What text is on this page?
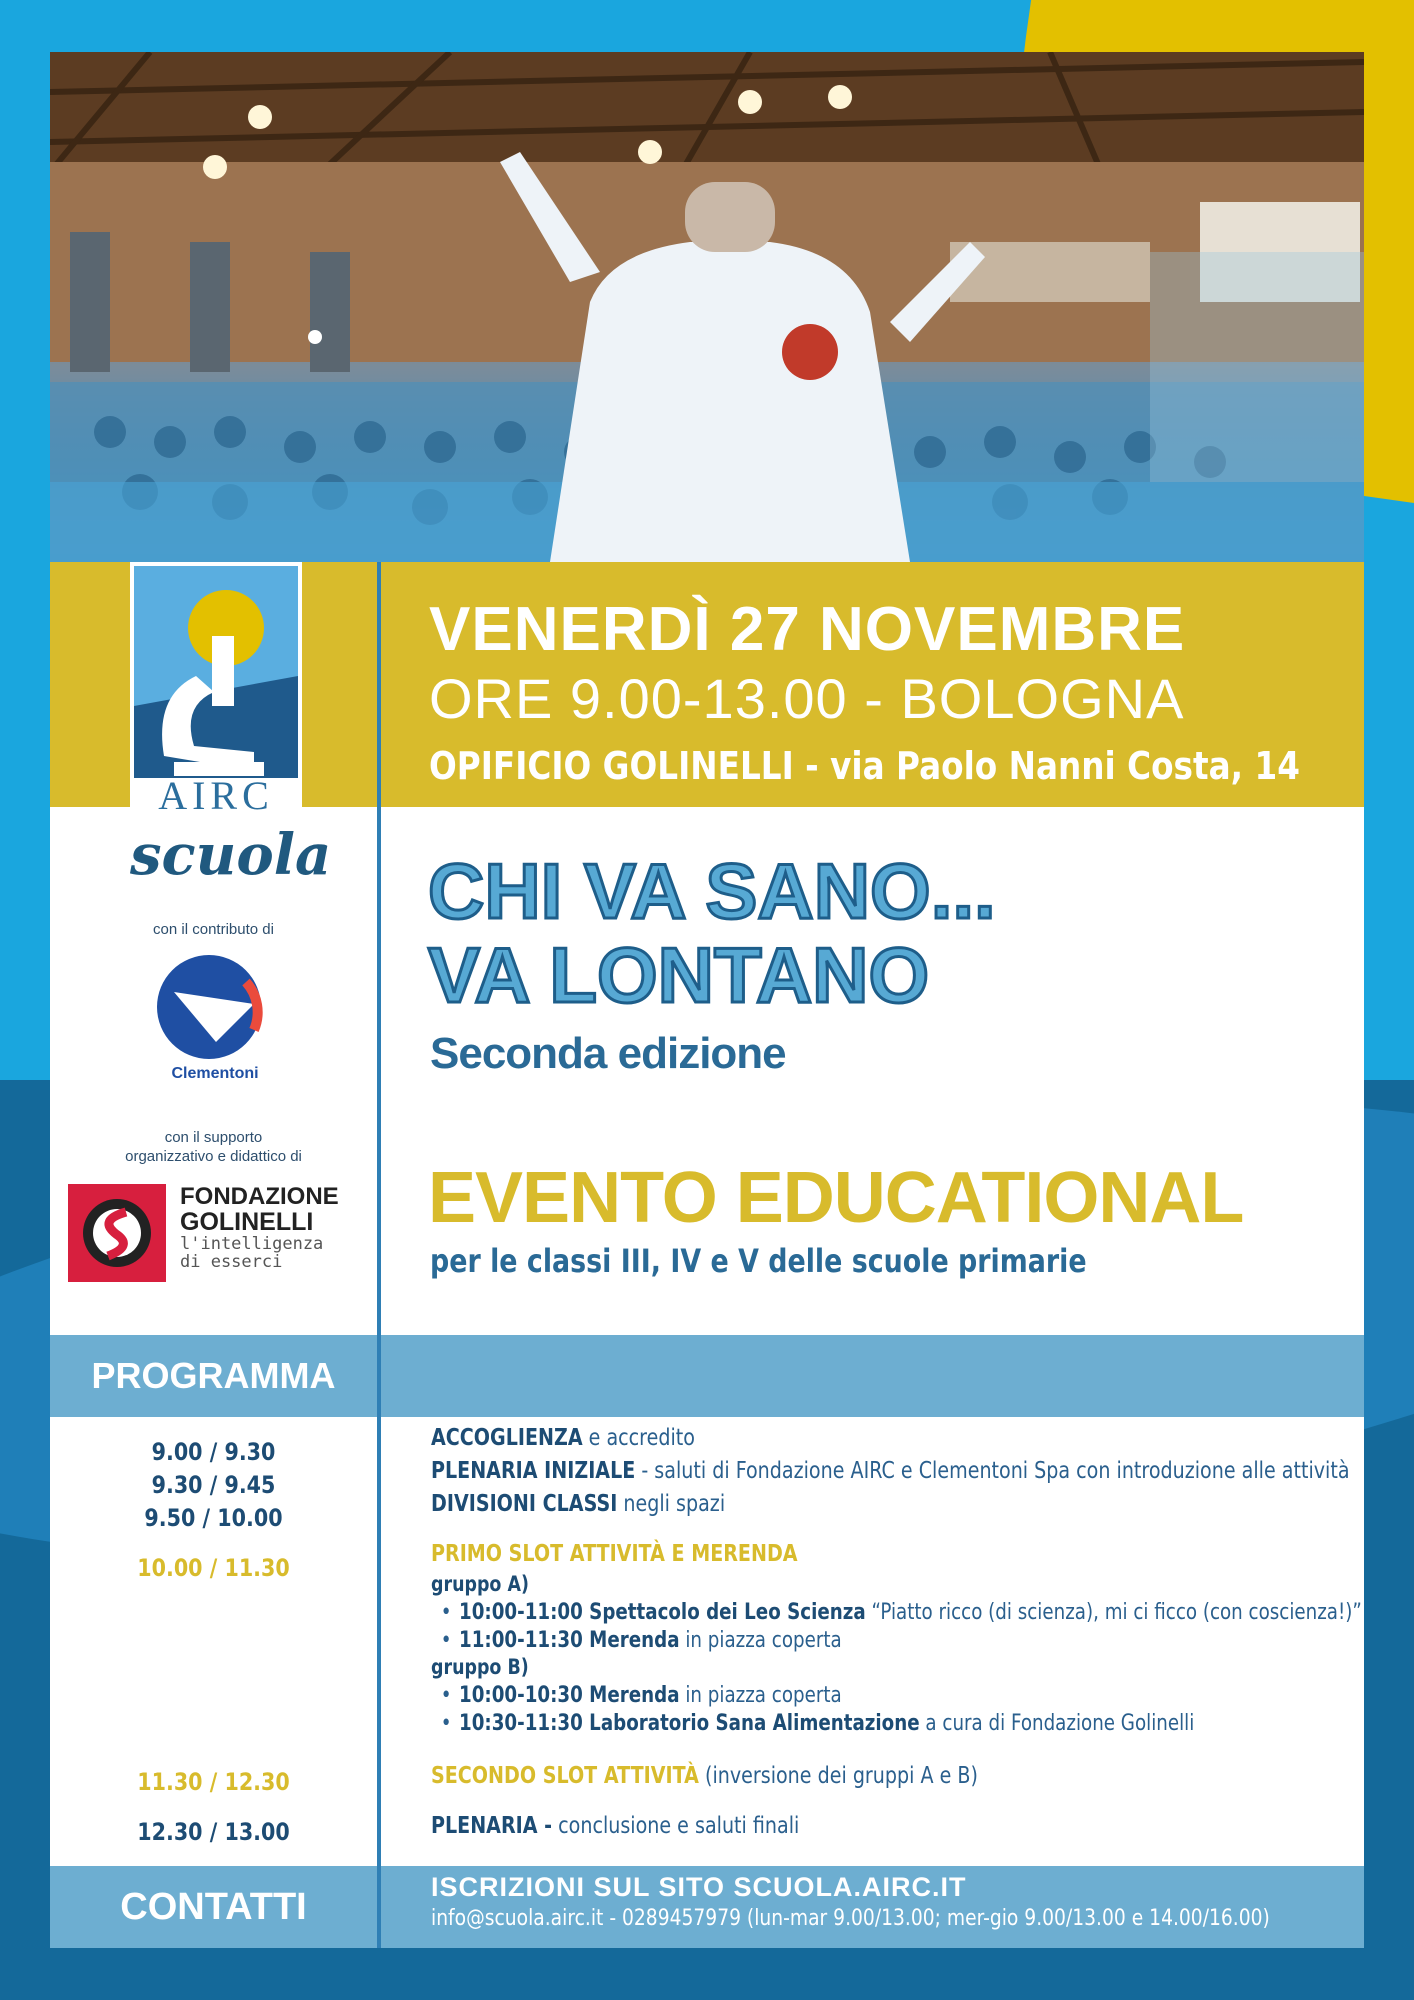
AIRC
scuola
con il contributo di
Clementoni
con il supporto
organizzativo e didattico di
FONDAZIONE
GOLINELLI
l'intelligenza
di esserci
VENERDÌ 27 NOVEMBRE
ORE 9.00-13.00 - BOLOGNA
OPIFICIO GOLINELLI - via Paolo Nanni Costa, 14
CHI VA SANO...
VA LONTANO
Seconda edizione
EVENTO EDUCATIONAL
per le classi III, IV e V delle scuole primarie
PROGRAMMA
9.00 / 9.30
9.30 / 9.45
9.50 / 10.00
10.00 / 11.30
11.30 / 12.30
12.30 / 13.00
ACCOGLIENZA e accredito
PLENARIA INIZIALE - saluti di Fondazione AIRC e Clementoni Spa con introduzione alle attività
DIVISIONI CLASSI negli spazi
PRIMO SLOT ATTIVITÀ E MERENDA
gruppo A)
• 10:00-11:00 Spettacolo dei Leo Scienza “Piatto ricco (di scienza), mi ci ficco (con coscienza!)”
• 11:00-11:30 Merenda in piazza coperta
gruppo B)
• 10:00-10:30 Merenda in piazza coperta
• 10:30-11:30 Laboratorio Sana Alimentazione a cura di Fondazione Golinelli
SECONDO SLOT ATTIVITÀ (inversione dei gruppi A e B)
PLENARIA - conclusione e saluti finali
CONTATTI	ISCRIZIONI SUL SITO SCUOLA.AIRC.IT
info@scuola.airc.it - 0289457979 (lun-mar 9.00/13.00; mer-gio 9.00/13.00 e 14.00/16.00)
